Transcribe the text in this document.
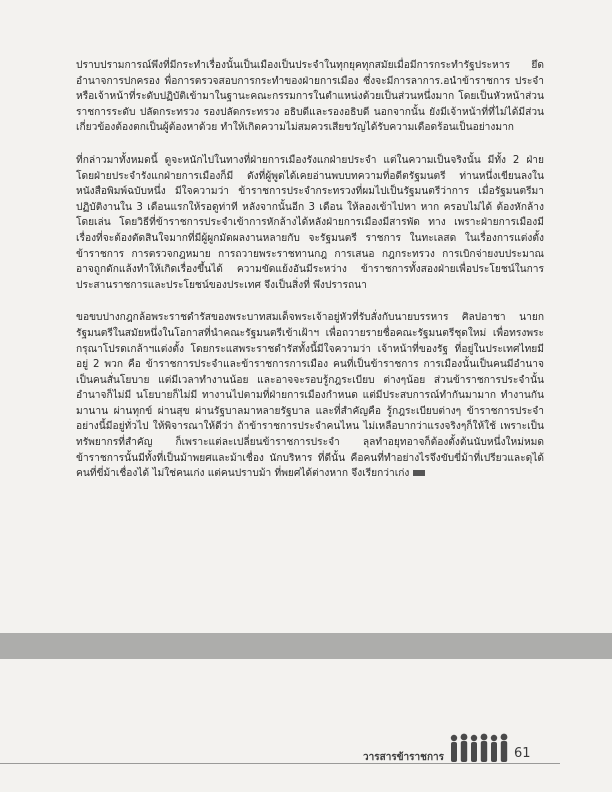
ปราบปรามการณ์พึงที่มีกระทำเรื่องนั้นเป็นเมืองเป็นประจำในทุกยุคทุกสมัยเมื่อมีการกระทำรัฐประหาร ยึดอำนาจการปกครอง พื่อการตรวจสอบการกระทำของฝ่ายการเมือง ซึ่งจะมีการลาการ.อนำข้าราชการ ประจำหรือเจ้าหน้าที่ระดับปฏิบัติเข้ามาในฐานะคณะกรรมการในตำแหน่งด้วยเป็นส่วนหนึ่งมาก โดยเป็นหัวหน้าส่วนราชการระดับ ปลัดกระทรวง รองปลัดกระทรวง อธิบดีและรองอธิบดี นอกจากนั้น ยังมีเจ้าหน้าที่ที่ไม่ได้มีส่วน เกี่ยวข้องต้องตกเป็นผู้ต้องหาด้วย ทำให้เกิดความไม่สมควรเสียขวัญได้รับความเดือดร้อนเป็นอย่างมาก

ที่กล่าวมาทั้งหมดนี้ ดูจะหนักไปในทางที่ฝ่ายการเมืองรังแกฝ่ายประจำ แต่ในความเป็นจริงนั้น มีทั้ง 2 ฝ่าย โดยฝ่ายประจำรังแกฝ่ายการเมืองก็มี ดังที่ผู้พูดได้เคยอ่านพบบทความที่อดีตรัฐมนตรี ท่านหนึ่งเขียนลงในหนังสือพิมพ์ฉบับหนึ่ง มีใจความว่า ข้าราชการประจำกระทรวงที่ผมไปเป็นรัฐมนตรีว่าการ เมื่อรัฐมนตรีมาปฏิบัติงานใน 3 เดือนแรกให้รอดูท่าที หลังจากนั้นอีก 3 เดือน ให้ลองเข้าไปหา หาก ครอบไม่ได้ ต้องหักล้างโดยเล่น โดยวิธีที่ข้าราชการประจำเข้าการหักล้างได้หลังฝ่ายการเมืองมีสารพัด ทาง เพราะฝ่ายการเมืองมีเรื่องที่จะต้องตัดสินใจมากที่มีผู้ผูกมัดผลงานหลายกับ จะรัฐมนตรี ราชการ ในทะเลสด ในเรื่องการแต่งตั้งข้าราชการ การตรวจกฎหมาย การถวายพระราชทานกฎ การเสนอ กฎกระทรวง การเบิกจ่ายงบประมาณ อาจถูกดักแล้งทำให้เกิดเรื่องขึ้นได้ ความขัดแย้งอันมีระหว่าง ข้าราชการทั้งสองฝ่ายเพื่อประโยชน์ในการประสานราชการและประโยชน์ของประเทศ จึงเป็นสิ่งที่ พึงปรารถนา

ขอขบปางกฎกล้อพระราชดำรัสของพระบาทสมเด็จพระเจ้าอยู่หัวที่รับสั่งกับนายบรรหาร ศิลปอาชา นายกรัฐมนตรีในสมัยหนึ่งในโอกาสที่นำคณะรัฐมนตรีเข้าเฝ้าฯ เพื่อถวายรายชื่อคณะรัฐมนตรีชุดใหม่ เพื่อทรงพระกรุณาโปรดเกล้าฯแต่งตั้ง โดยกระแสพระราชดำรัสทั้งนี้มีใจความว่า เจ้าหน้าที่ของรัฐ ที่อยู่ในประเทศไทยมีอยู่ 2 พวก คือ ข้าราชการประจำและข้าราชการการเมือง คนที่เป็นข้าราชการ การเมืองนั้นเป็นคนมีอำนาจ เป็นคนสั่นโยบาย แต่มีเวลาทำงานน้อย และอาจจะรอบรู้กฎระเบียบ ต่างๆน้อย ส่วนข้าราชการประจำนั้น อำนาจก็ไม่มี นโยบายก็ไม่มี ทางานไปตามที่ฝ่ายการเมืองกำหนด แต่มีประสบการณ์ทำกันมามาก ทำงานกันมานาน ผ่านทุกข์ ผ่านสุข ผ่านรัฐบาลมาหลายรัฐบาล และที่สำคัญคือ รู้กฎระเบียบต่างๆ ข้าราชการประจำอย่างนี้มีอยู่ทั่วไป ให้พิจารณาให้ดีว่า ถ้าข้าราชการประจำคนไหน ไม่เหลือบากว่าแรงจริงๆก็ให้ใช้ เพราะเป็นทรัพยากรที่สำคัญ ก็เพราะแต่ละเปลี่ยนข้าราชการประจำ ลุลทำอยุทอาจก็ต้องตั้งต้นนับหนึ่งใหม่หมด ข้าราชการนั้นมีทั้งที่เป็นม้าพยศและม้าเชื่อง นักบริหาร ที่ดีนั้น คือคนที่ทำอย่างไรจึงขับขี่ม้าที่เปรียวและดุได้ คนที่ขี่ม้าเชื่องได้ ไม่ใช่คนเก่ง แต่คนปราบม้า ที่พยศได้ต่างหาก จึงเรียกว่าเก่ง

วารสารข้าราชการ	61
